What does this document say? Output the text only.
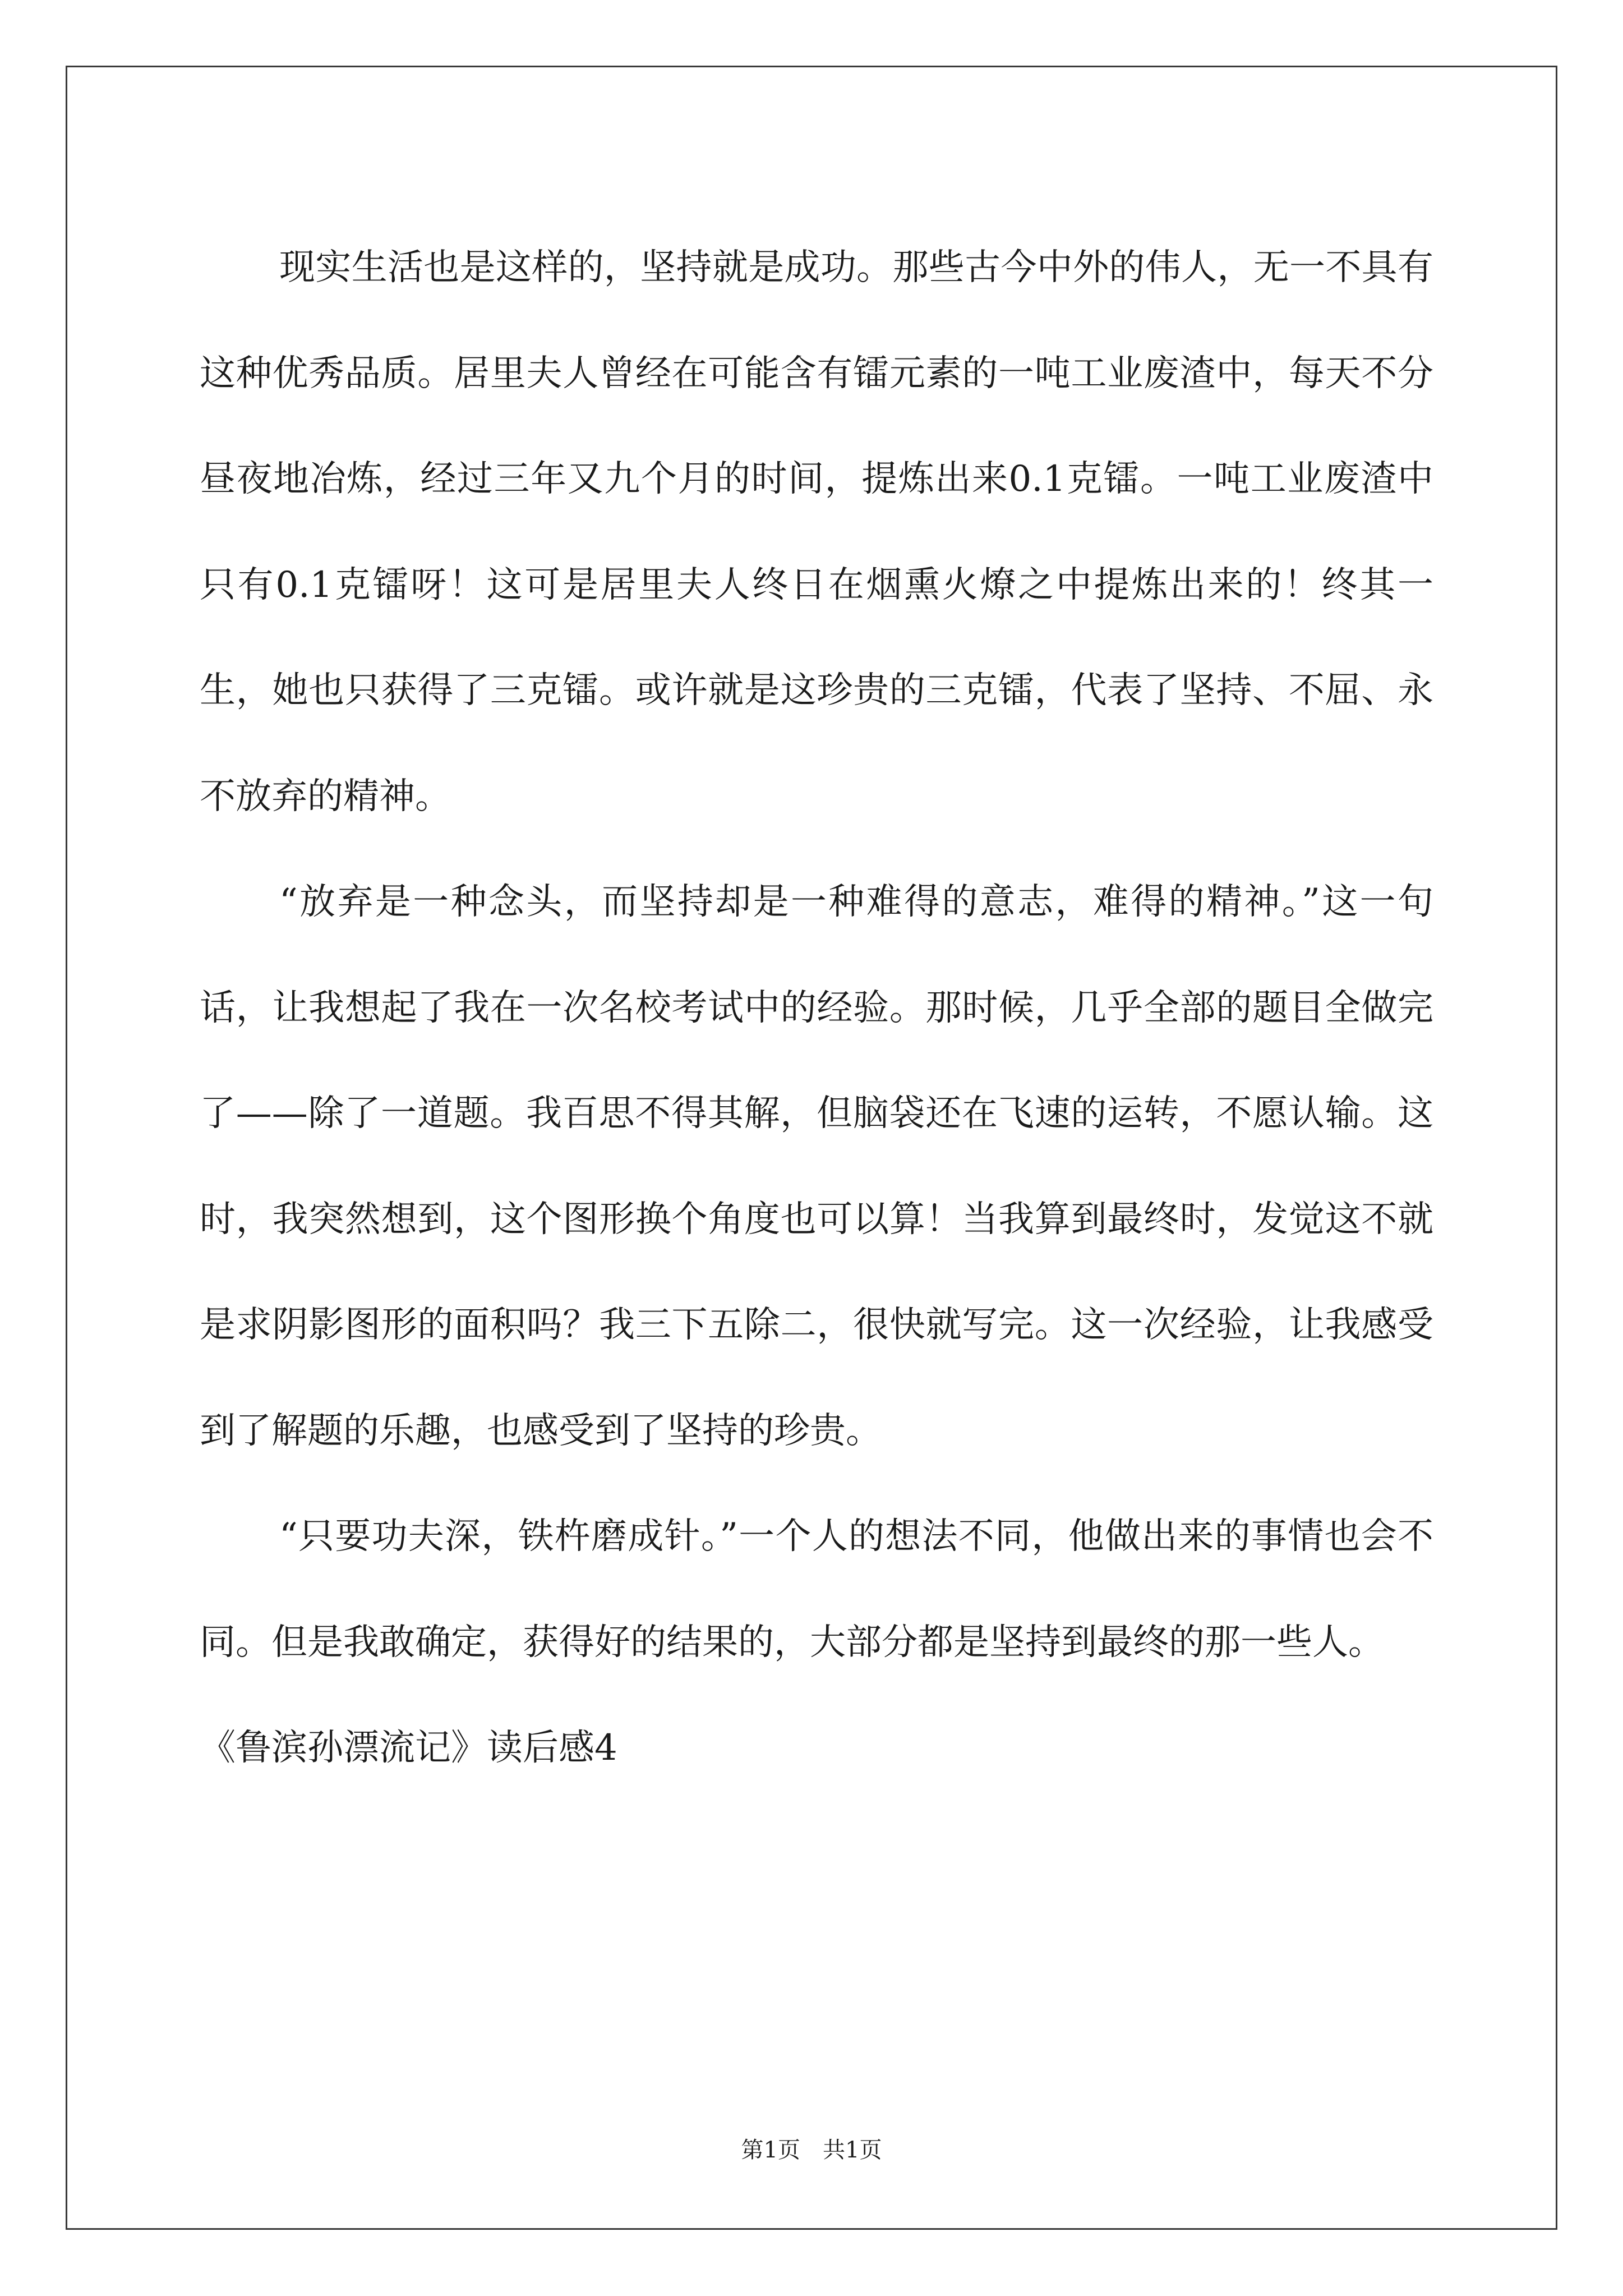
现实生活也是这样的，坚持就是成功。那些古今中外的伟人，无一不具有这种优秀品质。居里夫人曾经在可能含有镭元素的一吨工业废渣中，每天不分昼夜地冶炼，经过三年又九个月的时间，提炼出来0.1克镭。一吨工业废渣中只有0.1克镭呀！这可是居里夫人终日在烟熏火燎之中提炼出来的！终其一生，她也只获得了三克镭。或许就是这珍贵的三克镭，代表了坚持、不屈、永不放弃的精神。

“放弃是一种念头，而坚持却是一种难得的意志，难得的精神。”这一句话，让我想起了我在一次名校考试中的经验。那时候，几乎全部的题目全做完了——除了一道题。我百思不得其解，但脑袋还在飞速的运转，不愿认输。这时，我突然想到，这个图形换个角度也可以算！当我算到最终时，发觉这不就是求阴影图形的面积吗？我三下五除二，很快就写完。这一次经验，让我感受到了解题的乐趣，也感受到了坚持的珍贵。

“只要功夫深，铁杵磨成针。”一个人的想法不同，他做出来的事情也会不同。但是我敢确定，获得好的结果的，大部分都是坚持到最终的那一些人。

《鲁滨孙漂流记》读后感4

第1页　共1页
